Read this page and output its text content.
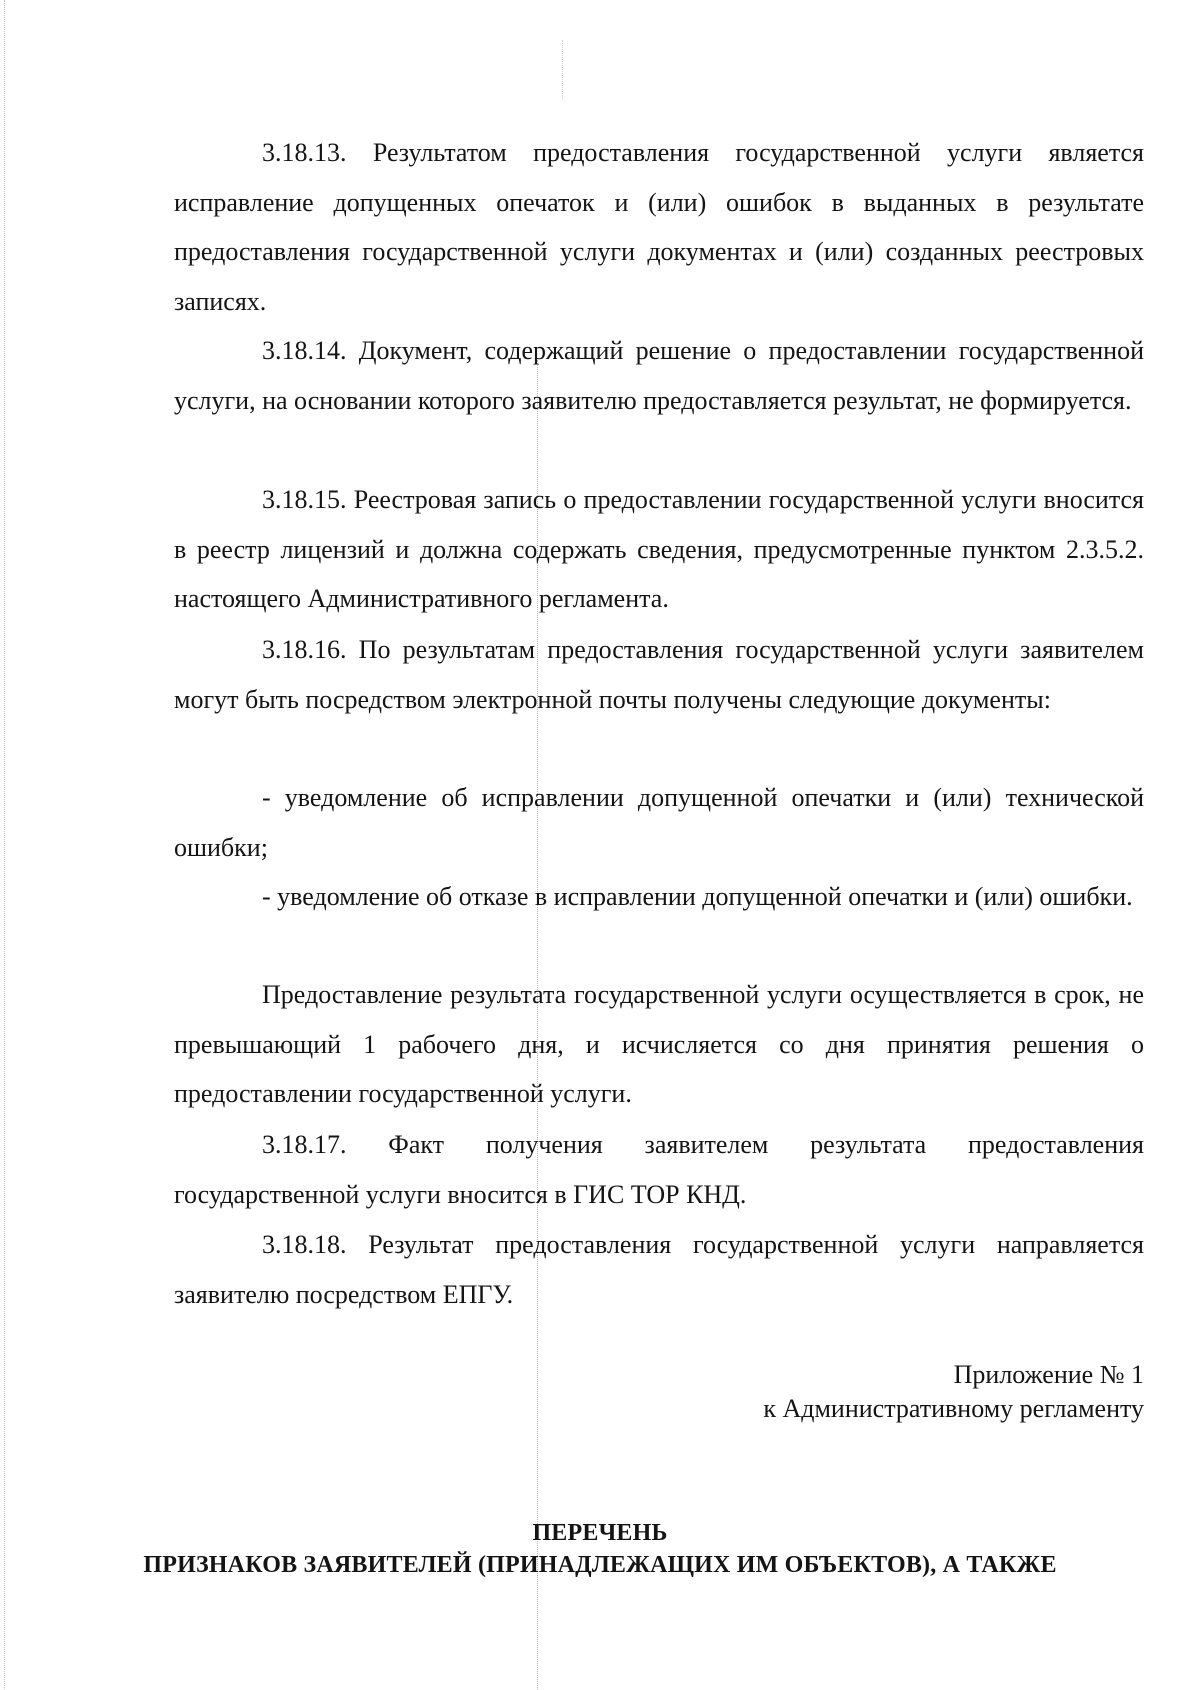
3.18.13. Результатом предоставления государственной услуги является исправление допущенных опечаток и (или) ошибок в выданных в результате предоставления государственной услуги документах и (или) созданных реестровых записях.

3.18.14. Документ, содержащий решение о предоставлении государственной услуги, на основании которого заявителю предоставляется результат, не формируется.

3.18.15. Реестровая запись о предоставлении государственной услуги вносится в реестр лицензий и должна содержать сведения, предусмотренные пунктом 2.3.5.2. настоящего Административного регламента.

3.18.16. По результатам предоставления государственной услуги заявителем могут быть посредством электронной почты получены следующие документы:

- уведомление об исправлении допущенной опечатки и (или) технической ошибки;

- уведомление об отказе в исправлении допущенной опечатки и (или) ошибки.

Предоставление результата государственной услуги осуществляется в срок, не превышающий 1 рабочего дня, и исчисляется со дня принятия решения о предоставлении государственной услуги.

3.18.17. Факт получения заявителем результата предоставления государственной услуги вносится в ГИС ТОР КНД.

3.18.18. Результат предоставления государственной услуги направляется заявителю посредством ЕПГУ.

Приложение № 1
к Административному регламенту
ПЕРЕЧЕНЬ
ПРИЗНАКОВ ЗАЯВИТЕЛЕЙ (ПРИНАДЛЕЖАЩИХ ИМ ОБЪЕКТОВ), А ТАКЖЕ
